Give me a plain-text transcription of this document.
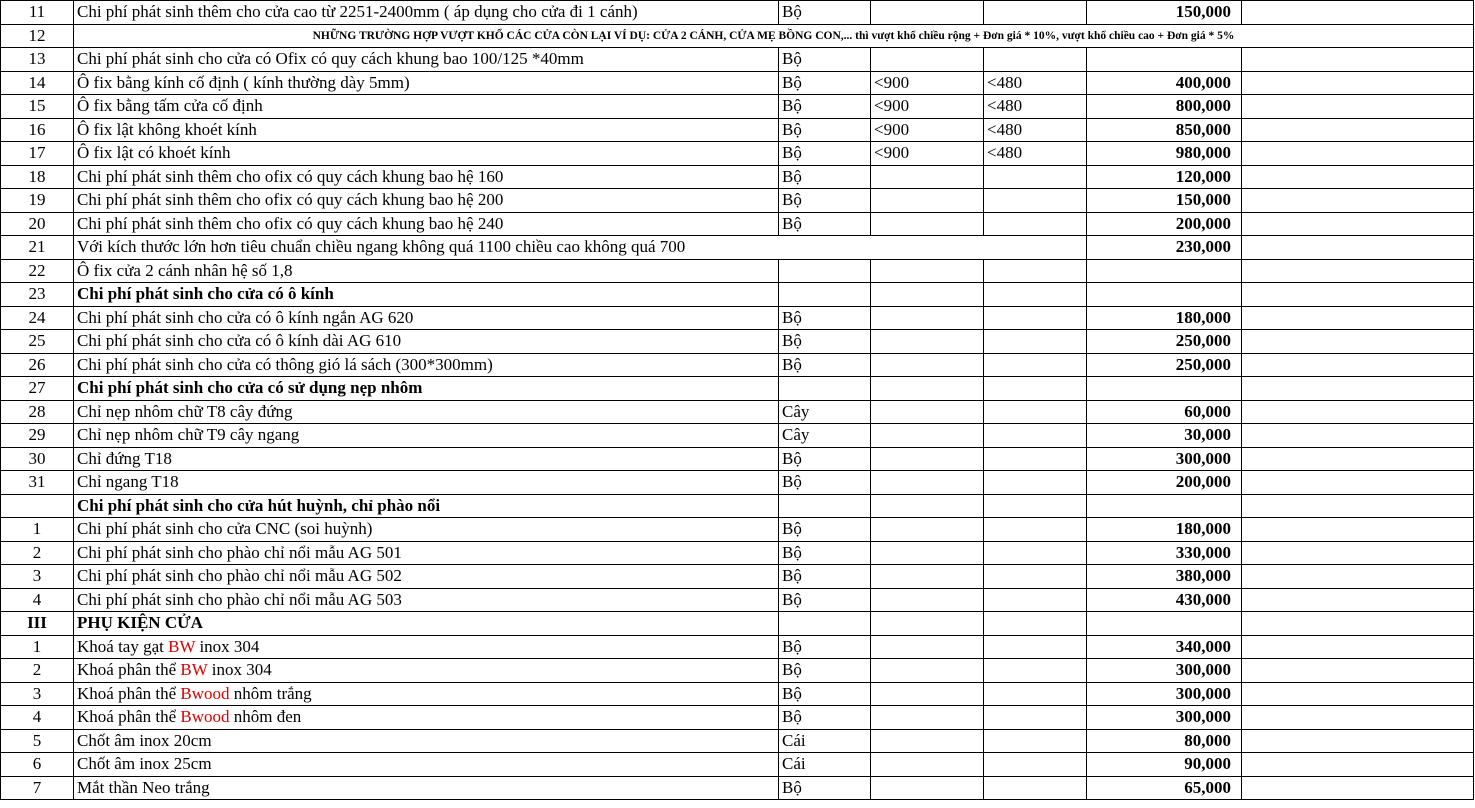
11	Chi phí phát sinh thêm cho cửa cao từ 2251-2400mm ( áp dụng cho cửa đi 1 cánh)	Bộ			150,000	
12	NHỮNG TRƯỜNG HỢP VƯỢT KHỔ CÁC CỬA CÒN LẠI VÍ DỤ: CỬA 2 CÁNH, CỬA MẸ BỒNG CON,... thì vượt khổ chiều rộng + Đơn giá * 10%, vượt khổ chiều cao + Đơn giá * 5%					
13	Chi phí phát sinh cho cửa có Ofix có quy cách khung bao 100/125 *40mm	Bộ				
14	Ô fix bằng kính cố định ( kính thường dày 5mm)	Bộ	<900	<480	400,000	
15	Ô fix bằng tấm cửa cố định	Bộ	<900	<480	800,000	
16	Ô fix lật không khoét kính	Bộ	<900	<480	850,000	
17	Ô fix lật có khoét kính	Bộ	<900	<480	980,000	
18	Chi phí phát sinh thêm cho ofix có quy cách khung bao hệ 160	Bộ			120,000	
19	Chi phí phát sinh thêm cho ofix có quy cách khung bao hệ 200	Bộ			150,000	
20	Chi phí phát sinh thêm cho ofix có quy cách khung bao hệ 240	Bộ			200,000	
21	Với kích thước lớn hơn tiêu chuẩn chiều ngang không quá 1100 chiều cao không quá 700				230,000	
22	Ô fix cửa 2 cánh nhân hệ số 1,8					
23	Chi phí phát sinh cho cửa có ô kính					
24	Chi phí phát sinh cho cửa có ô kính ngắn AG 620	Bộ			180,000	
25	Chi phí phát sinh cho cửa có ô kính dài AG 610	Bộ			250,000	
26	Chi phí phát sinh cho cửa có thông gió lá sách (300*300mm)	Bộ			250,000	
27	Chi phí phát sinh cho cửa có sử dụng nẹp nhôm					
28	Chỉ nẹp nhôm chữ T8 cây đứng	Cây			60,000	
29	Chỉ nẹp nhôm chữ T9 cây ngang	Cây			30,000	
30	Chỉ đứng T18	Bộ			300,000	
31	Chỉ ngang T18	Bộ			200,000	
	Chi phí phát sinh cho cửa hút huỳnh, chỉ phào nổi					
1	Chi phí phát sinh cho cửa CNC (soi huỳnh)	Bộ			180,000	
2	Chi phí phát sinh cho phào chỉ nổi mẫu AG 501	Bộ			330,000	
3	Chi phí phát sinh cho phào chỉ nổi mẫu AG 502	Bộ			380,000	
4	Chi phí phát sinh cho phào chỉ nổi mẫu AG 503	Bộ			430,000	
III	PHỤ KIỆN CỬA					
1	Khoá tay gạt BW inox 304	Bộ			340,000	
2	Khoá phân thể BW inox 304	Bộ			300,000	
3	Khoá phân thể Bwood nhôm trắng	Bộ			300,000	
4	Khoá phân thể Bwood nhôm đen	Bộ			300,000	
5	Chốt âm inox 20cm	Cái			80,000	
6	Chốt âm inox 25cm	Cái			90,000	
7	Mắt thần Neo trắng	Bộ			65,000	
